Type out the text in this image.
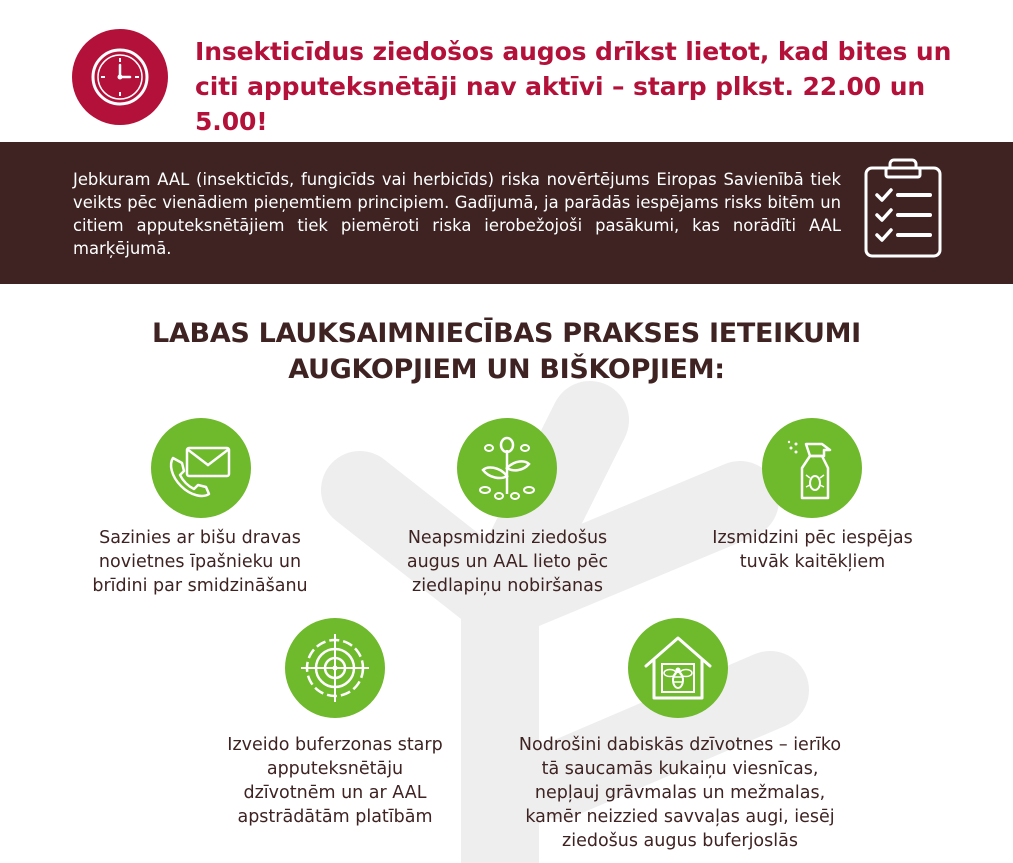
Insekticīdus ziedošos augos drīkst lietot, kad bites un
citi apputeksnētāji nav aktīvi – starp plkst. 22.00 un 5.00!

Jebkuram AAL (insekticīds, fungicīds vai herbicīds) riska novērtējums Eiropas Savienībā tiek veikts pēc vienādiem pieņemtiem principiem. Gadījumā, ja parādās iespējams risks bitēm un citiem apputeksnētājiem tiek piemēroti riska ierobežojoši pasākumi, kas norādīti AAL marķējumā.

LABAS LAUKSAIMNIECĪBAS PRAKSES IETEIKUMI
AUGKOPJIEM UN BIŠKOPJIEM:
Sazinies ar bišu dravas
novietnes īpašnieku un
brīdini par smidzināšanu
Neapsmidzini ziedošus
augus un AAL lieto pēc
ziedlapiņu nobiršanas
Izsmidzini pēc iespējas
tuvāk kaitēkļiem
Izveido buferzonas starp
apputeksnētāju
dzīvotnēm un ar AAL
apstrādātām platībām
Nodrošini dabiskās dzīvotnes – ierīko
tā saucamās kukaiņu viesnīcas,
nepļauj grāvmalas un mežmalas,
kamēr neizzied savvaļas augi, iesēj
ziedošus augus buferjoslās
